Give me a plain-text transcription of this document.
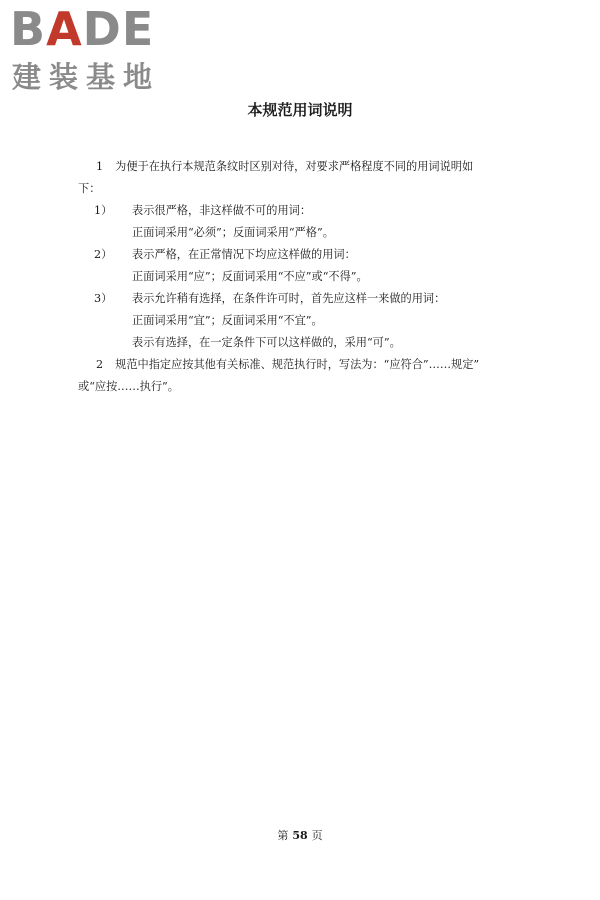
BADE
建装基地
本规范用词说明

1 为便于在执行本规范条纹时区别对待，对要求严格程度不同的用词说明如

下：

1）	表示很严格，非这样做不可的用词：

正面词采用“必须”；反面词采用“严格”。

2）	表示严格，在正常情况下均应这样做的用词：

正面词采用“应”；反面词采用“不应”或“不得”。

3）	表示允许稍有选择，在条件许可时，首先应这样一来做的用词：

正面词采用“宜”；反面词采用“不宜”。

表示有选择，在一定条件下可以这样做的，采用“可”。

2 规范中指定应按其他有关标准、规范执行时，写法为：“应符合”……规定”

或“应按……执行”。

第 58 页
